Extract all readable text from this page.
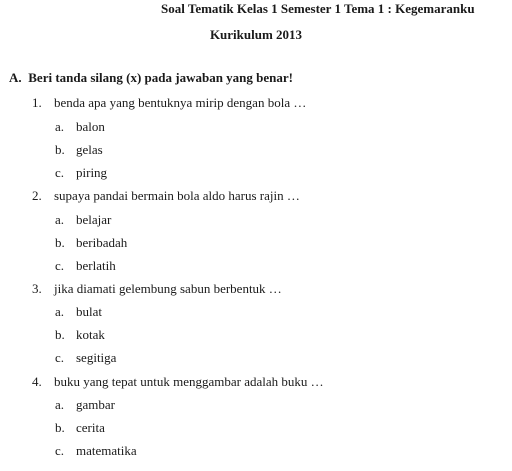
Soal Tematik Kelas 1 Semester 1 Tema 1 : Kegemaranku
Kurikulum 2013
A. Beri tanda silang (x) pada jawaban yang benar!
1. benda apa yang bentuknya mirip dengan bola …
a. balon
b. gelas
c. piring
2. supaya pandai bermain bola aldo harus rajin …
a. belajar
b. beribadah
c. berlatih
3. jika diamati gelembung sabun berbentuk …
a. bulat
b. kotak
c. segitiga
4. buku yang tepat untuk menggambar adalah buku …
a. gambar
b. cerita
c. matematika
